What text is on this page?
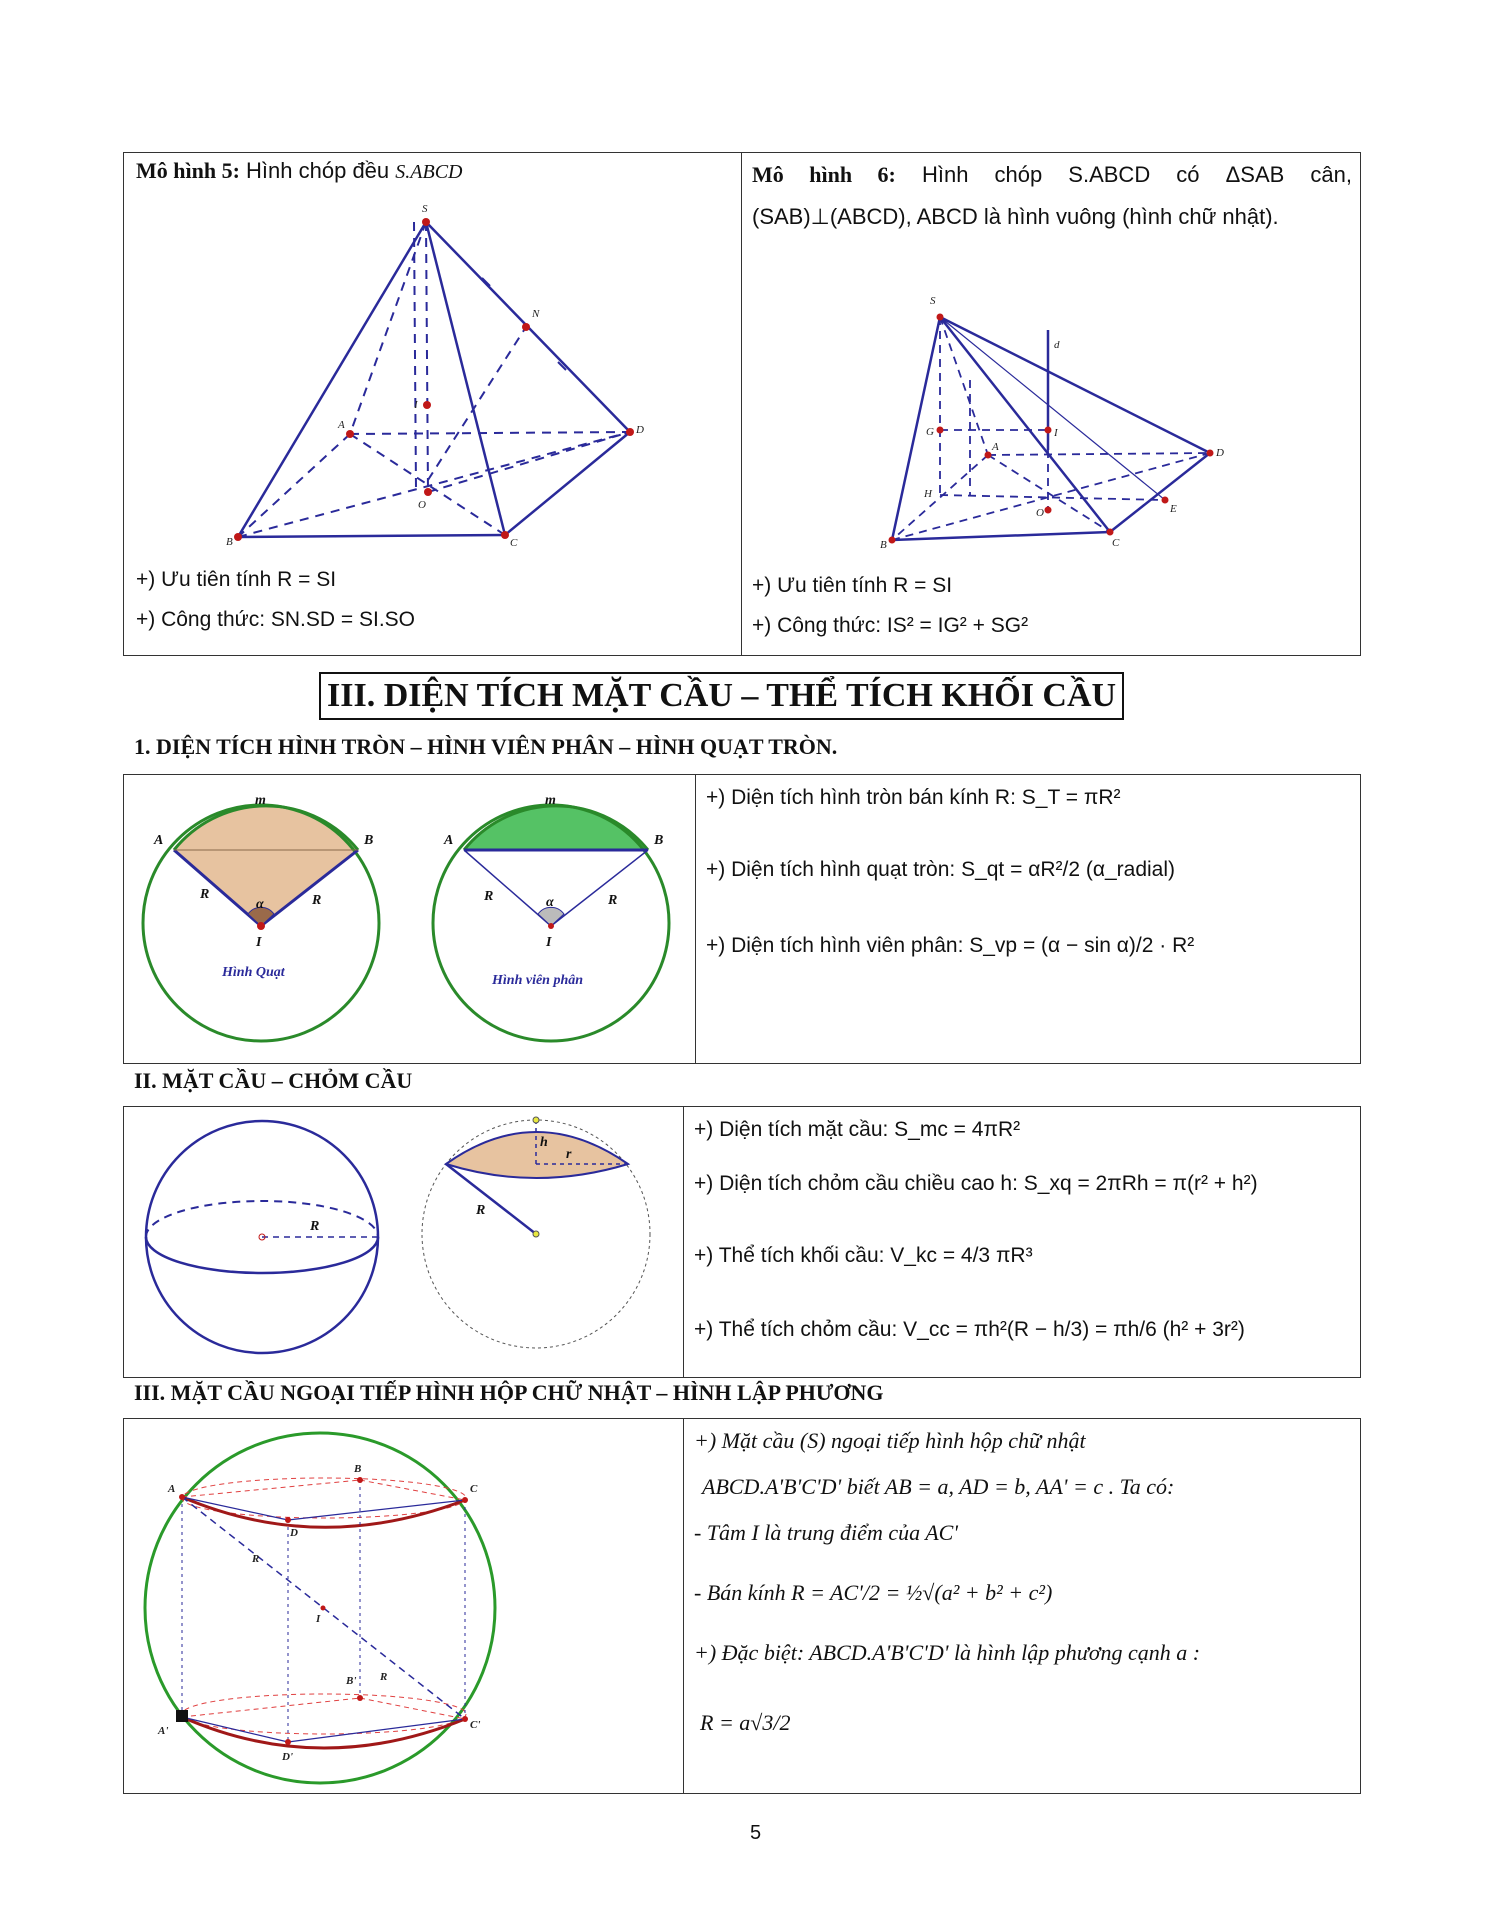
Mô hình 5: Hình chóp đều S.ABCD
S
N
A
B	C
D
I
O
+) Ưu tiên tính R = SI
+) Công thức: SN.SD = SI.SO
Mô hình 6: Hình chóp S.ABCD có ΔSAB cân, (SAB)⊥(ABCD), ABCD là hình vuông (hình chữ nhật).
S
d
G	I
A
H
O	E
D
B	C
+) Ưu tiên tính R = SI
+) Công thức: IS² = IG² + SG²
III. DIỆN TÍCH MẶT CẦU – THỂ TÍCH KHỐI CẦU
1. DIỆN TÍCH HÌNH TRÒN – HÌNH VIÊN PHÂN – HÌNH QUẠT TRÒN.
m
A	B
R	R
α
I
Hình Quạt
m
A	B
R	R
α
I
Hình viên phân
+) Diện tích hình tròn bán kính R: S_T = πR²
+) Diện tích hình quạt tròn: S_qt = αR²/2 (α_radial)
+) Diện tích hình viên phân: S_vp = (α − sin α)/2 · R²
II. MẶT CẦU – CHỎM CẦU
R
h
r
R
+) Diện tích mặt cầu: S_mc = 4πR²
+) Diện tích chỏm cầu chiều cao h: S_xq = 2πRh = π(r² + h²)
+) Thể tích khối cầu: V_kc = 4/3 πR³
+) Thể tích chỏm cầu: V_cc = πh²(R − h/3) = πh/6 (h² + 3r²)
III. MẶT CẦU NGOẠI TIẾP HÌNH HỘP CHỮ NHẬT – HÌNH LẬP PHƯƠNG
A
B
C
D
R
I
B' R
A'	C'
D'
+) Mặt cầu (S) ngoại tiếp hình hộp chữ nhật
ABCD.A'B'C'D' biết AB = a, AD = b, AA' = c . Ta có:
- Tâm I là trung điểm của AC'
- Bán kính R = AC'/2 = ½√(a² + b² + c²)
+) Đặc biệt: ABCD.A'B'C'D' là hình lập phương cạnh a :
R = a√3/2
5
